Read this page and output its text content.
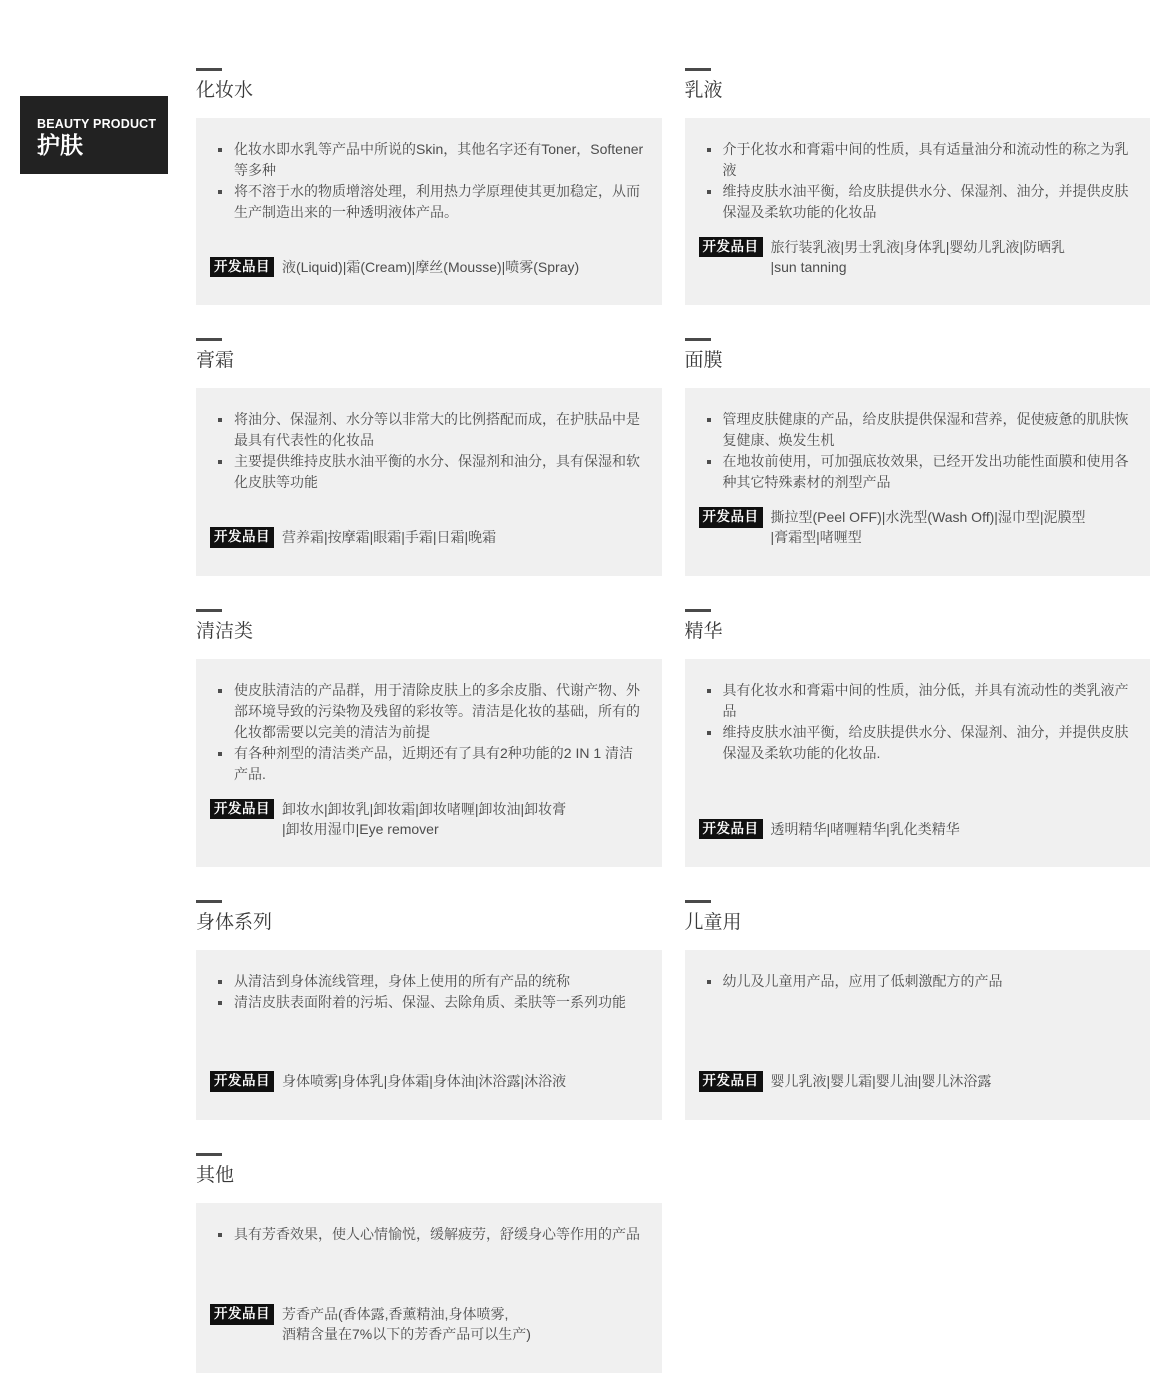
BEAUTY PRODUCT
护肤
化妆水
化妆水即水乳等产品中所说的Skin，其他名字还有Toner，Softener 等多种
将不溶于水的物质增溶处理，利用热力学原理使其更加稳定，从而生产制造出来的一种透明液体产品。
开发品目 液(Liquid)|霜(Cream)|摩丝(Mousse)|喷雾(Spray)
乳液
介于化妆水和膏霜中间的性质，具有适量油分和流动性的称之为乳液
维持皮肤水油平衡，给皮肤提供水分、保湿剂、油分，并提供皮肤保湿及柔软功能的化妆品
开发品目 旅行装乳液|男士乳液|身体乳|婴幼儿乳液|防晒乳
|sun tanning
膏霜
将油分、保湿剂、水分等以非常大的比例搭配而成，在护肤品中是最具有代表性的化妆品
主要提供维持皮肤水油平衡的水分、保湿剂和油分，具有保湿和软化皮肤等功能
开发品目 营养霜|按摩霜|眼霜|手霜|日霜|晚霜
面膜
管理皮肤健康的产品，给皮肤提供保湿和营养，促使疲惫的肌肤恢复健康、焕发生机
在地妆前使用，可加强底妆效果，已经开发出功能性面膜和使用各种其它特殊素材的剂型产品
开发品目 撕拉型(Peel OFF)|水洗型(Wash Off)|湿巾型|泥膜型
|膏霜型|啫喱型
清洁类
使皮肤清洁的产品群，用于清除皮肤上的多余皮脂、代谢产物、外部环境导致的污染物及残留的彩妆等。清洁是化妆的基础，所有的化妆都需要以完美的清洁为前提
有各种剂型的清洁类产品，近期还有了具有2种功能的2 IN 1 清洁产品.
开发品目 卸妆水|卸妆乳|卸妆霜|卸妆啫喱|卸妆油|卸妆膏
|卸妆用湿巾|Eye remover
精华
具有化妆水和膏霜中间的性质，油分低，并具有流动性的类乳液产品
维持皮肤水油平衡，给皮肤提供水分、保湿剂、油分，并提供皮肤保湿及柔软功能的化妆品.
开发品目 透明精华|啫喱精华|乳化类精华
身体系列
从清洁到身体流线管理，身体上使用的所有产品的统称
清洁皮肤表面附着的污垢、保湿、去除角质、柔肤等一系列功能
开发品目 身体喷雾|身体乳|身体霜|身体油|沐浴露|沐浴液
儿童用
幼儿及儿童用产品，应用了低刺激配方的产品
开发品目 婴儿乳液|婴儿霜|婴儿油|婴儿沐浴露
其他
具有芳香效果，使人心情愉悦，缓解疲劳，舒缓身心等作用的产品
开发品目 芳香产品(香体露,香薰精油,身体喷雾,
酒精含量在7%以下的芳香产品可以生产)
